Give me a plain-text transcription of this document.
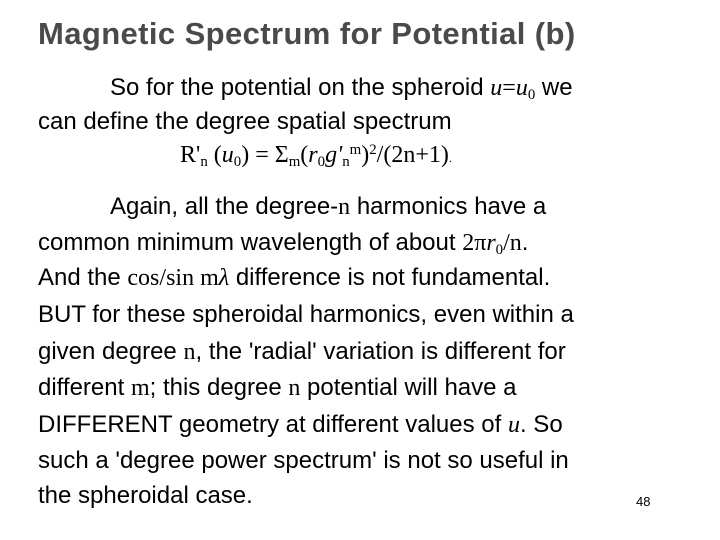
Magnetic Spectrum for Potential (b)
So for the potential on the spheroid $u=u_0$ we
can define the degree spatial spectrum
$R'_n$ $(u_0) = \Sigma_m(r_0g'_n^m)^2/(2n+1)$.
Again, all the degree-n harmonics have a
common minimum wavelength of about $2\pi r_0/n$.
And the cos/sin mλ difference is not fundamental.
BUT for these spheroidal harmonics, even within a
given degree n, the 'radial' variation is different for
different m; this degree n potential will have a
DIFFERENT geometry at different values of u. So
such a 'degree power spectrum' is not so useful in
the spheroidal case.	48
